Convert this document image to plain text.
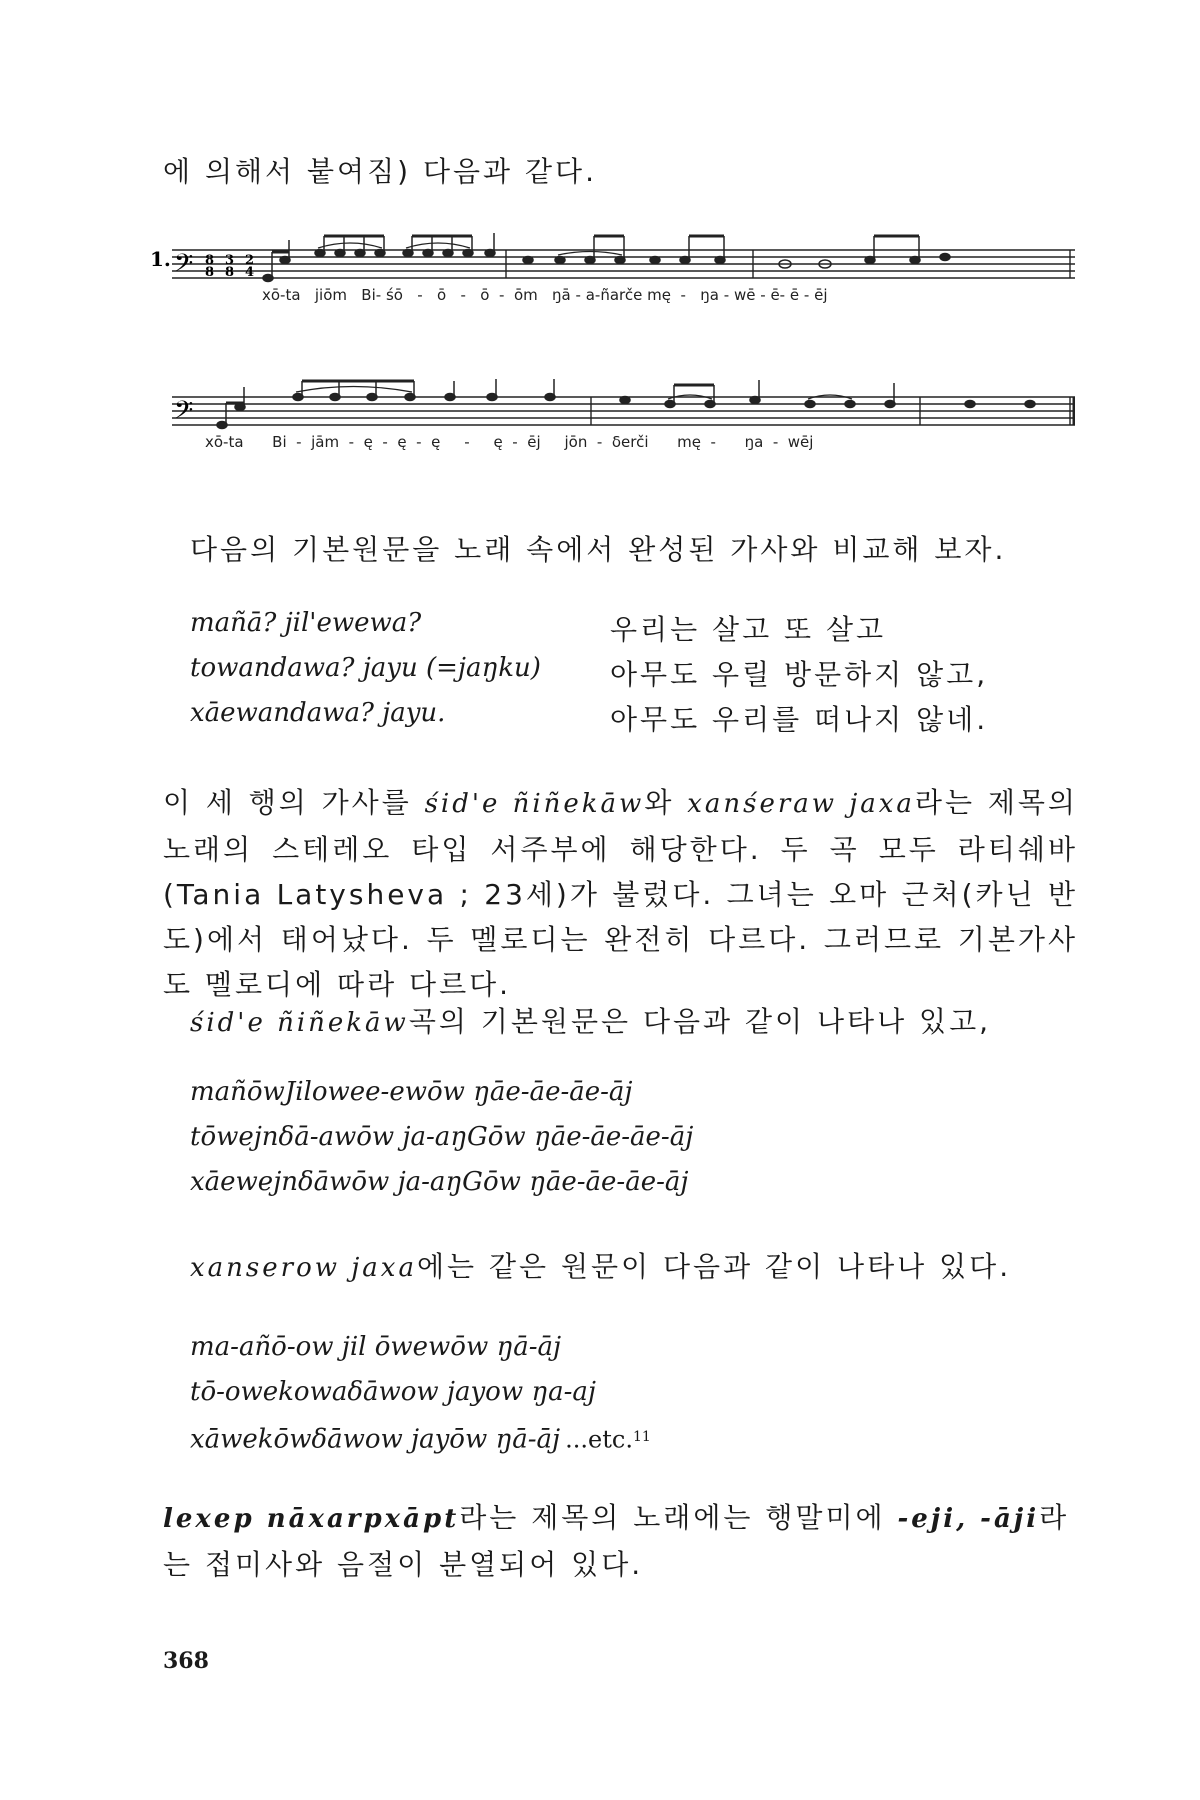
에 의해서 붙여짐) 다음과 같다.
1. 𝄢 8
8
3
8
2
4
xō-ta jiōm Bi- śō - ō - ō - ōm ŋā - a-ñarče mę - ŋa - wē - ē- ē - ēj
𝄢
xō-ta Bi - jām - ę - ę - ę - ę - ēj jōn - δerči mę - ŋa - wēj
다음의 기본원문을 노래 속에서 완성된 가사와 비교해 보자.
mañā? jil'ewewa?	우리는 살고 또 살고
towandawa? jayu (=jaŋku) 아무도 우릴 방문하지 않고,
xāewandawa? jayu.	아무도 우리를 떠나지 않네.
이 세 행의 가사를 śid'e ñiñekāw와 xanśeraw jaxa라는 제목의 노래의 스테레오 타입 서주부에 해당한다. 두 곡 모두 라티쉐바(Tania Latysheva ; 23세)가 불렀다. 그녀는 오마 근처(카닌 반도)에서 태어났다. 두 멜로디는 완전히 다르다. 그러므로 기본가사도 멜로디에 따라 다르다.
śid'e ñiñekāw곡의 기본원문은 다음과 같이 나타나 있고,
mañōwJilowee-ewōw ŋāe-āe-āe-āj
tōwejnδā-awōw ja-aŋGōw ŋāe-āe-āe-āj
xāewejnδāwōw ja-aŋGōw ŋāe-āe-āe-āj
xanserow jaxa에는 같은 원문이 다음과 같이 나타나 있다.
ma-añō-ow jil ōwewōw ŋā-āj
tō-owekowaδāwow jayow ŋa-aj
xāwekōwδāwow jayōw ŋā-āj ...etc.$^{11}$
lexep nāxarpxāpt라는 제목의 노래에는 행말미에 -eji, -āji라는 접미사와 음절이 분열되어 있다.
368
